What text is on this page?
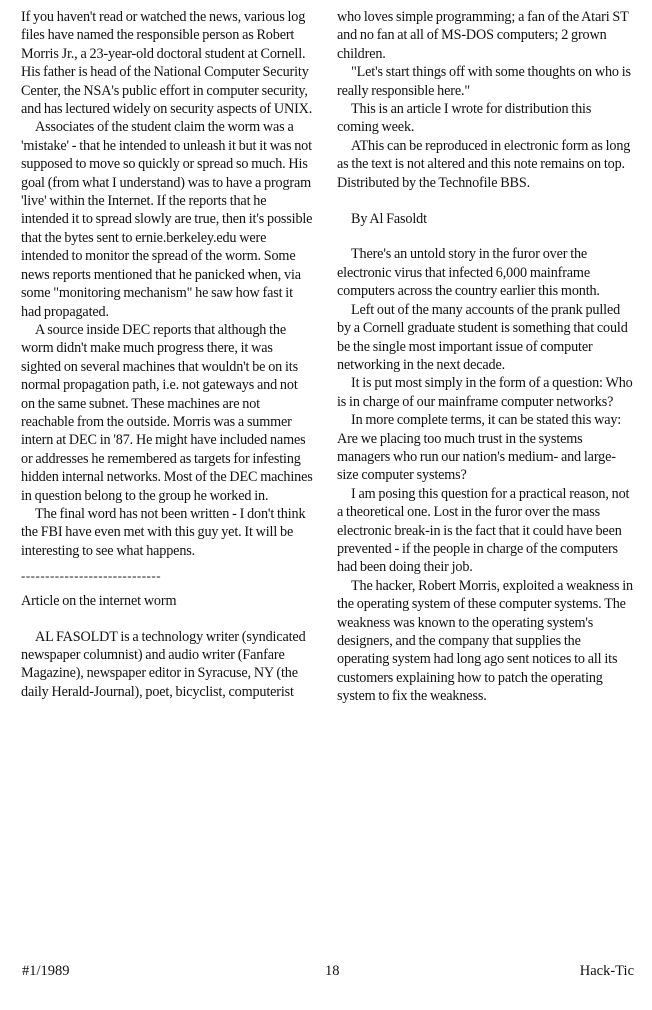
If you haven't read or watched the news, various log files have named the responsible person as Robert Morris Jr., a 23-year-old doctoral student at Cornell. His father is head of the National Computer Security Center, the NSA's public effort in computer security, and has lectured widely on security aspects of UNIX.

Associates of the student claim the worm was a 'mistake' - that he intended to unleash it but it was not supposed to move so quickly or spread so much. His goal (from what I understand) was to have a program 'live' within the Internet. If the reports that he intended it to spread slowly are true, then it's possible that the bytes sent to ernie.berkeley.edu were intended to monitor the spread of the worm. Some news reports mentioned that he panicked when, via some "monitoring mechanism" he saw how fast it had propagated.

A source inside DEC reports that although the worm didn't make much progress there, it was sighted on several machines that wouldn't be on its normal propagation path, i.e. not gateways and not on the same subnet. These machines are not reachable from the outside. Morris was a summer intern at DEC in '87. He might have included names or addresses he remembered as targets for infesting hidden internal networks. Most of the DEC machines in question belong to the group he worked in.

The final word has not been written - I don't think the FBI have even met with this guy yet. It will be interesting to see what happens.

-----------------------------

Article on the internet worm

AL FASOLDT is a technology writer (syndicated newspaper columnist) and audio writer (Fanfare Magazine), newspaper editor in Syracuse, NY (the daily Herald-Journal), poet, bicyclist, computerist

who loves simple programming; a fan of the Atari ST and no fan at all of MS-DOS computers; 2 grown children.

"Let's start things off with some thoughts on who is really responsible here."

This is an article I wrote for distribution this coming week.

AThis can be reproduced in electronic form as long as the text is not altered and this note remains on top. Distributed by the Technofile BBS.

By Al Fasoldt

There's an untold story in the furor over the electronic virus that infected 6,000 mainframe computers across the country earlier this month.

Left out of the many accounts of the prank pulled by a Cornell graduate student is something that could be the single most important issue of computer networking in the next decade.

It is put most simply in the form of a question: Who is in charge of our mainframe computer networks?

In more complete terms, it can be stated this way: Are we placing too much trust in the systems managers who run our nation's medium- and large-size computer systems?

I am posing this question for a practical reason, not a theoretical one. Lost in the furor over the mass electronic break-in is the fact that it could have been prevented - if the people in charge of the computers had been doing their job.

The hacker, Robert Morris, exploited a weakness in the operating system of these computer systems. The weakness was known to the operating system's designers, and the company that supplies the operating system had long ago sent notices to all its customers explaining how to patch the operating system to fix the weakness.

#1/1989	18	Hack-Tic
